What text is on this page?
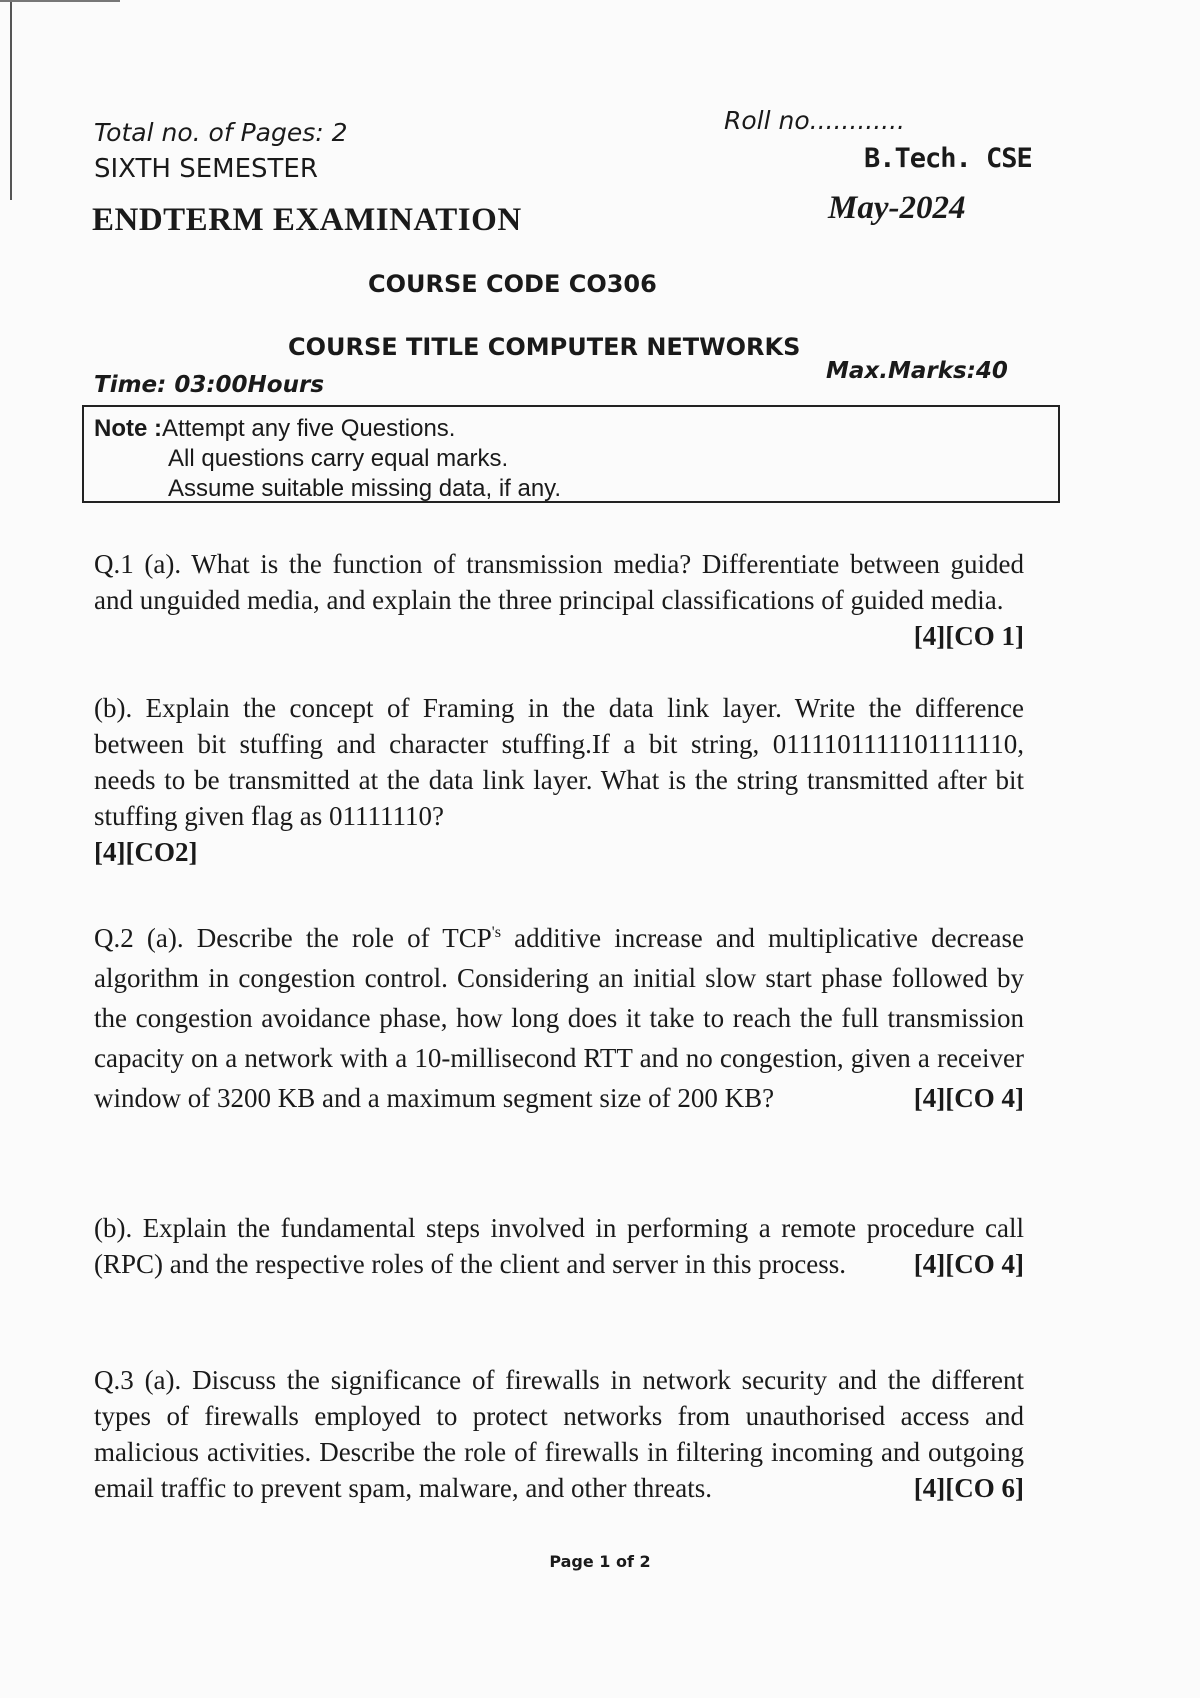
Total no. of Pages: 2
SIXTH SEMESTER
ENDTERM EXAMINATION
Roll no............
B.Tech. CSE
May-2024
COURSE CODE CO306
COURSE TITLE COMPUTER NETWORKS
Time: 03:00Hours
Max.Marks:40
Note :Attempt any five Questions.
All questions carry equal marks.
Assume suitable missing data, if any.
Q.1 (a). What is the function of transmission media? Differentiate between guided and unguided media, and explain the three principal classifications of guided media.
[4][CO 1]
(b). Explain the concept of Framing in the data link layer. Write the difference between bit stuffing and character stuffing.If a bit string, 0111101111101111110, needs to be transmitted at the data link layer. What is the string transmitted after bit stuffing given flag as 01111110?
[4][CO2]
Q.2 (a). Describe the role of $TCP^{'s}$ additive increase and multiplicative decrease algorithm in congestion control. Considering an initial slow start phase followed by the congestion avoidance phase, how long does it take to reach the full transmission capacity on a network with a 10-millisecond RTT and no congestion, given a receiver window of 3200 KB and a maximum segment size of 200 KB?	[4][CO 4]
(b). Explain the fundamental steps involved in performing a remote procedure call (RPC) and the respective roles of the client and server in this process.	[4][CO 4]
Q.3 (a). Discuss the significance of firewalls in network security and the different types of firewalls employed to protect networks from unauthorised access and malicious activities. Describe the role of firewalls in filtering incoming and outgoing email traffic to prevent spam, malware, and other threats.	[4][CO 6]
Page 1 of 2
